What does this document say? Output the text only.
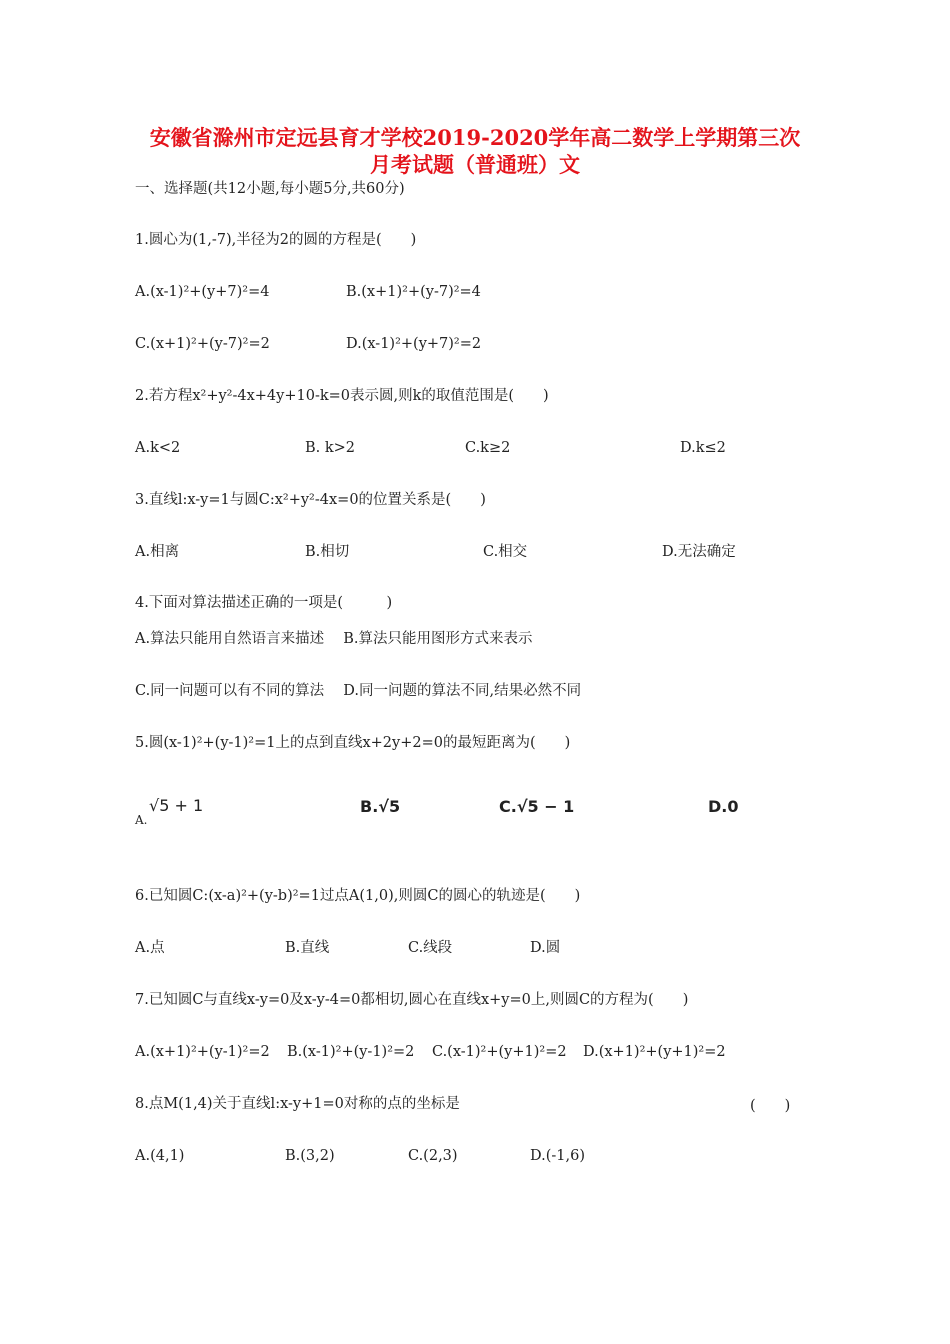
安徽省滁州市定远县育才学校2019-2020学年高二数学上学期第三次
月考试题（普通班）文
一、选择题(共12小题,每小题5分,共60分)
1.圆心为(1,-7),半径为2的圆的方程是(　　)
A.(x-1)²+(y+7)²=4	B.(x+1)²+(y-7)²=4
C.(x+1)²+(y-7)²=2	D.(x-1)²+(y+7)²=2
2.若方程x²+y²-4x+4y+10-k=0表示圆,则k的取值范围是(　　)
A.k<2	B. k>2	C.k≥2	D.k≤2
3.直线l:x-y=1与圆C:x²+y²-4x=0的位置关系是(　　)
A.相离	B.相切	C.相交	D.无法确定
4.下面对算法描述正确的一项是(　　　)
A.算法只能用自然语言来描述　 B.算法只能用图形方式来表示
C.同一问题可以有不同的算法　 D.同一问题的算法不同,结果必然不同
5.圆(x-1)²+(y-1)²=1上的点到直线x+2y+2=0的最短距离为(　　)
A.
√5 + 1	B.√5	C.√5 − 1	D.0
6.已知圆C:(x-a)²+(y-b)²=1过点A(1,0),则圆C的圆心的轨迹是(　　)
A.点	B.直线	C.线段	D.圆
7.已知圆C与直线x-y=0及x-y-4=0都相切,圆心在直线x+y=0上,则圆C的方程为(　　)
A.(x+1)²+(y-1)²=2 B.(x-1)²+(y-1)²=2 C.(x-1)²+(y+1)²=2 D.(x+1)²+(y+1)²=2
8.点M(1,4)关于直线l:x-y+1=0对称的点的坐标是	(　　)
A.(4,1)	B.(3,2)	C.(2,3)	D.(-1,6)
